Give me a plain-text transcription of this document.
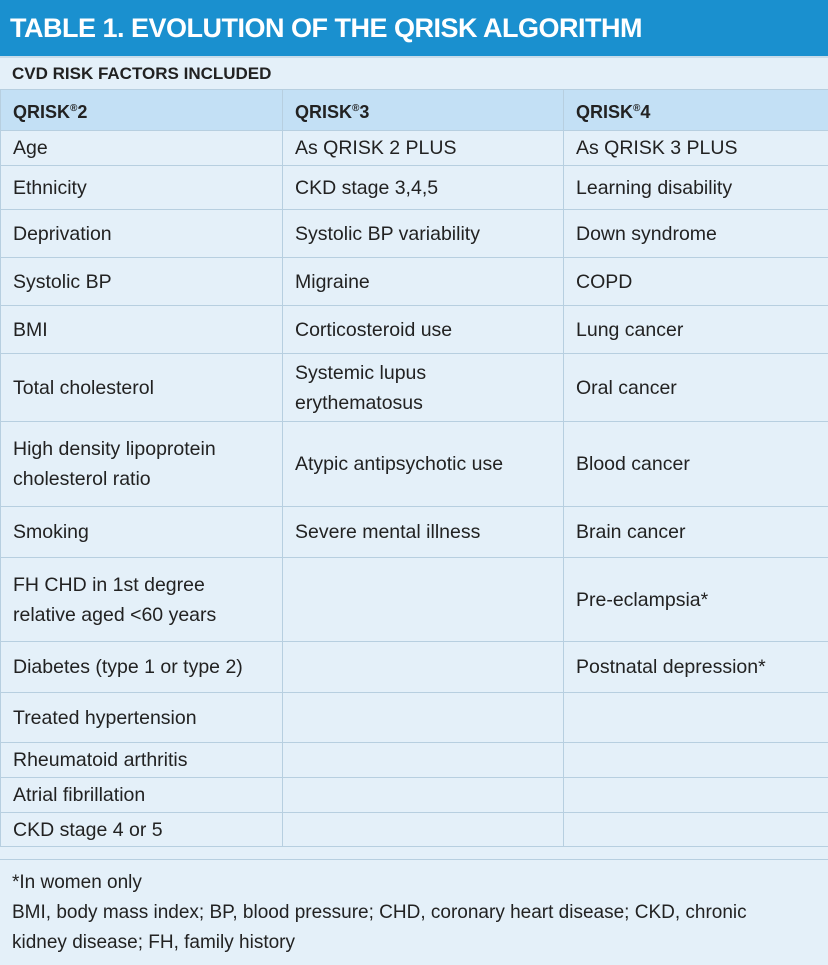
TABLE 1. EVOLUTION OF THE QRISK ALGORITHM
CVD RISK FACTORS INCLUDED
QRISK®2	QRISK®3	QRISK®4
Age	As QRISK 2 PLUS	As QRISK 3 PLUS
Ethnicity	CKD stage 3,4,5	Learning disability
Deprivation	Systolic BP variability	Down syndrome
Systolic BP	Migraine	COPD
BMI	Corticosteroid use	Lung cancer
Total cholesterol	Systemic lupus erythematosus	Oral cancer
High density lipoprotein cholesterol ratio	Atypic antipsychotic use	Blood cancer
Smoking	Severe mental illness	Brain cancer
FH CHD in 1st degree relative aged <60 years		Pre-eclampsia*
Diabetes (type 1 or type 2)		Postnatal depression*
Treated hypertension		
Rheumatoid arthritis		
Atrial fibrillation		
CKD stage 4 or 5		
*In women only
BMI, body mass index; BP, blood pressure; CHD, coronary heart disease; CKD, chronic
kidney disease; FH, family history
